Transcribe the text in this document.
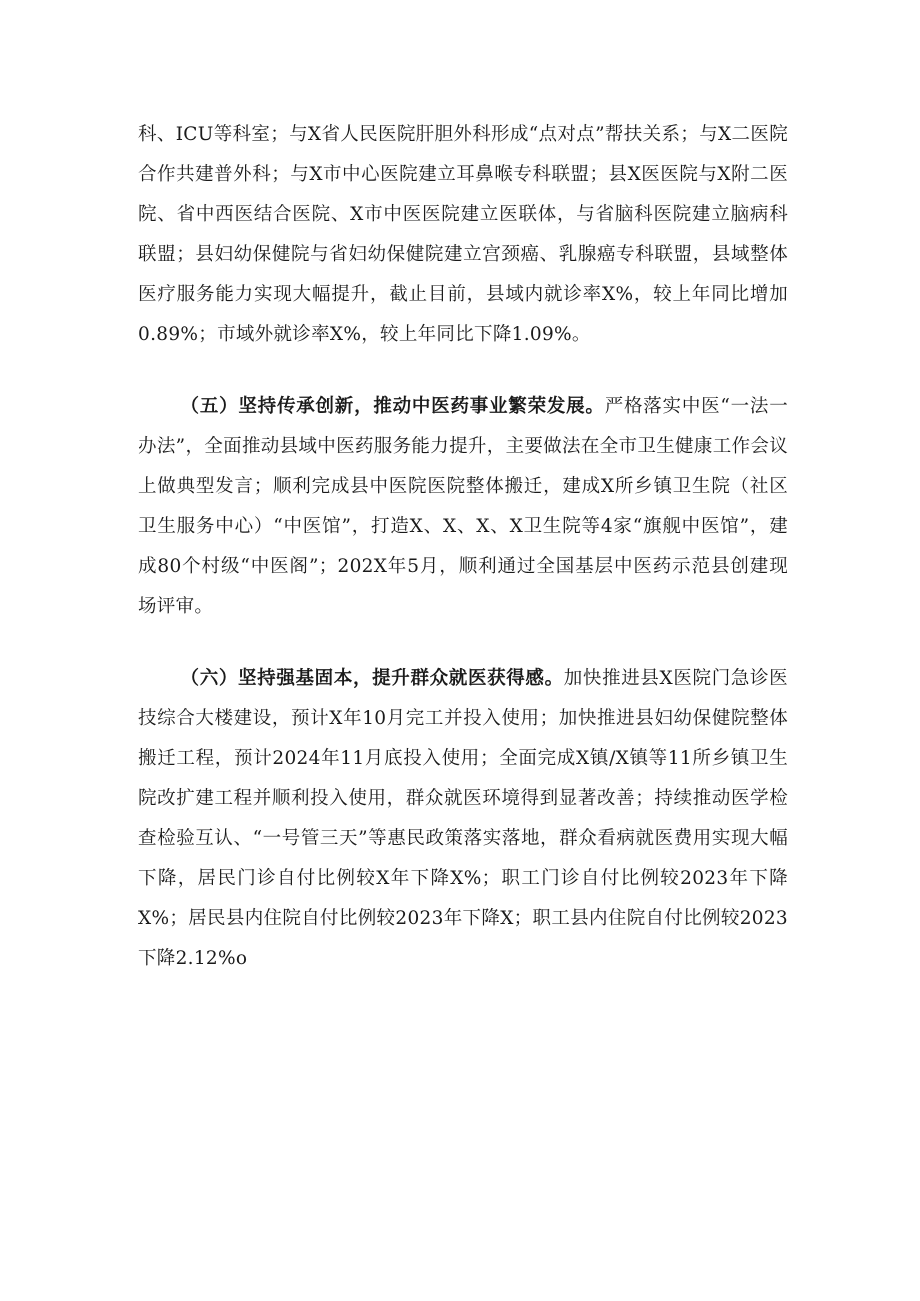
科、ICU等科室；与X省人民医院肝胆外科形成“点对点”帮扶关系；与X二医院合作共建普外科；与X市中心医院建立耳鼻喉专科联盟；县X医医院与X附二医院、省中西医结合医院、X市中医医院建立医联体，与省脑科医院建立脑病科联盟；县妇幼保健院与省妇幼保健院建立宫颈癌、乳腺癌专科联盟，县域整体医疗服务能力实现大幅提升，截止目前，县域内就诊率X%，较上年同比增加0.89%；市域外就诊率X%，较上年同比下降1.09%。

（五）坚持传承创新，推动中医药事业繁荣发展。严格落实中医“一法一办法”，全面推动县域中医药服务能力提升，主要做法在全市卫生健康工作会议上做典型发言；顺利完成县中医院医院整体搬迁，建成X所乡镇卫生院（社区卫生服务中心）“中医馆”，打造X、X、X、X卫生院等4家“旗舰中医馆”，建成80个村级“中医阁”；202X年5月，顺利通过全国基层中医药示范县创建现场评审。

（六）坚持强基固本，提升群众就医获得感。加快推进县X医院门急诊医技综合大楼建设，预计X年10月完工并投入使用；加快推进县妇幼保健院整体搬迁工程，预计2024年11月底投入使用；全面完成X镇/X镇等11所乡镇卫生院改扩建工程并顺利投入使用，群众就医环境得到显著改善；持续推动医学检查检验互认、“一号管三天”等惠民政策落实落地，群众看病就医费用实现大幅下降，居民门诊自付比例较X年下降X%；职工门诊自付比例较2023年下降X%；居民县内住院自付比例较2023年下降X；职工县内住院自付比例较2023下降2.12%o
